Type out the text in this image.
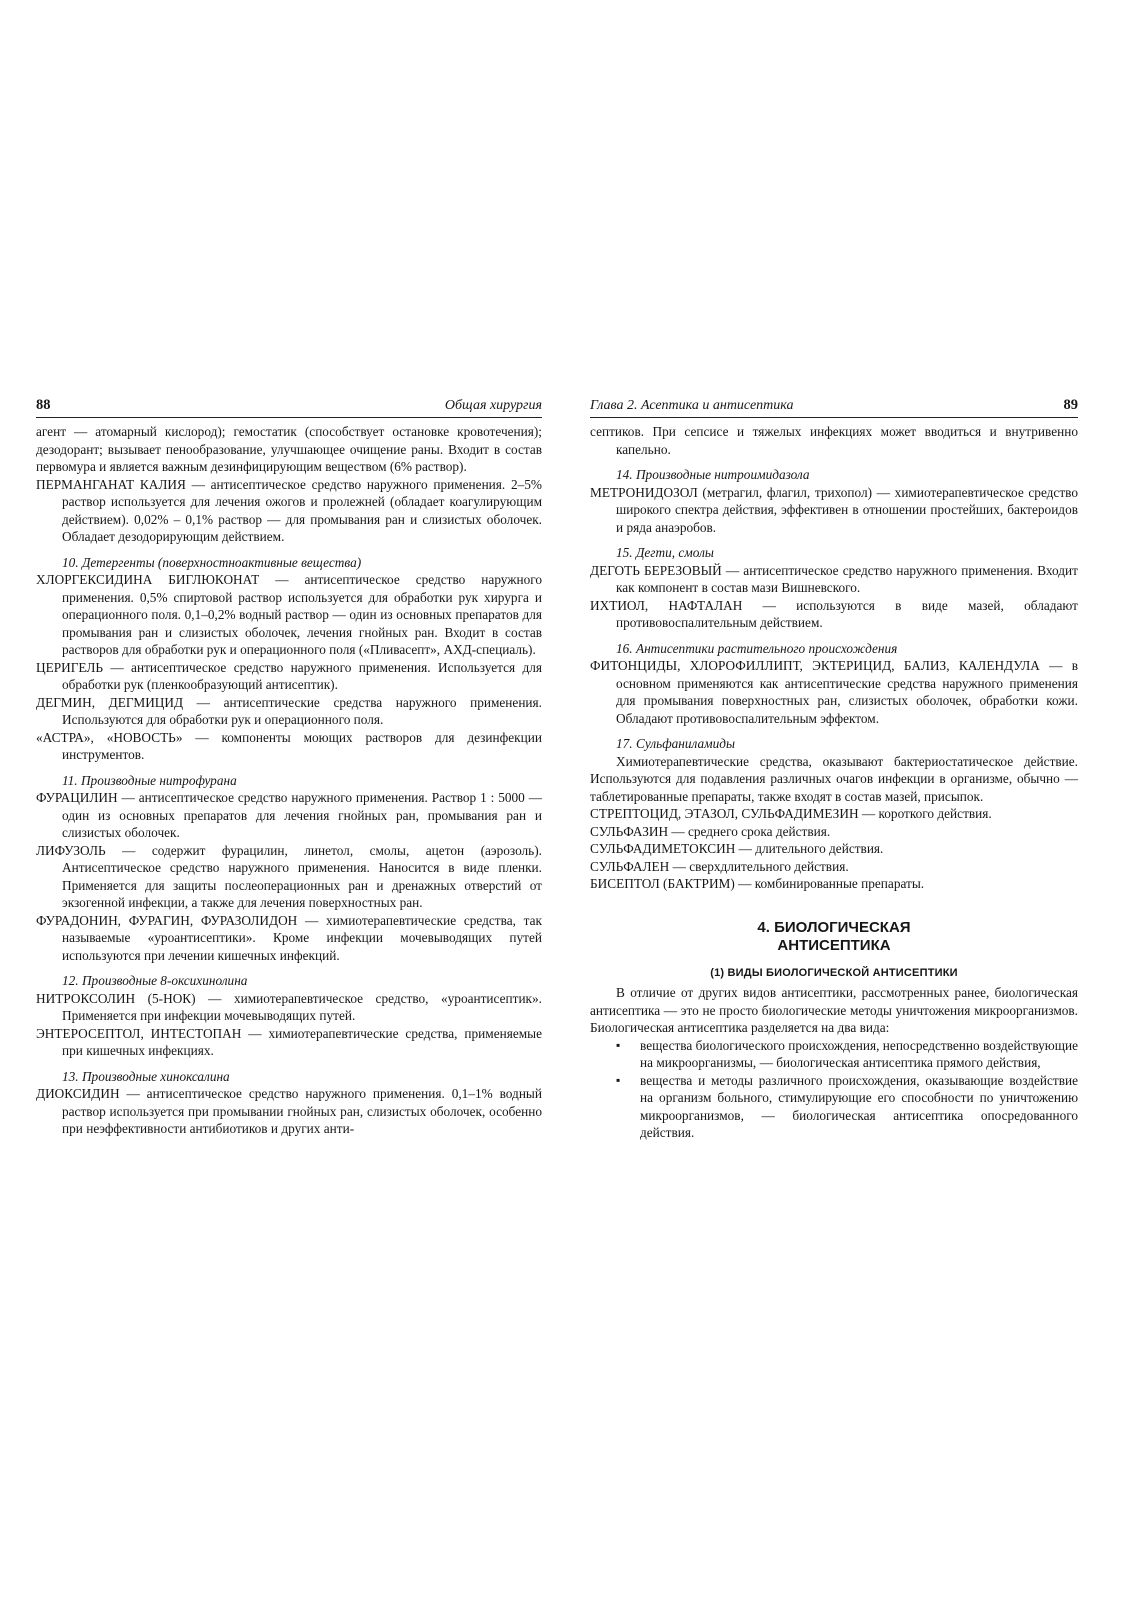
88	Общая хирургия

агент — атомарный кислород); гемостатик (способствует остановке кровотечения); дезодорант; вызывает пенообразование, улучшающее очищение раны. Входит в состав первомура и является важным дезинфицирующим веществом (6% раствор).

ПЕРМАНГАНАТ КАЛИЯ — антисептическое средство наружного применения. 2–5% раствор используется для лечения ожогов и пролежней (обладает коагулирующим действием). 0,02% – 0,1% раствор — для промывания ран и слизистых оболочек. Обладает дезодорирующим действием.

10. Детергенты (поверхностноактивные вещества)

ХЛОРГЕКСИДИНА БИГЛЮКОНАТ — антисептическое средство наружного применения. 0,5% спиртовой раствор используется для обработки рук хирурга и операционного поля. 0,1–0,2% водный раствор — один из основных препаратов для промывания ран и слизистых оболочек, лечения гнойных ран. Входит в состав растворов для обработки рук и операционного поля («Пливасепт», АХД-специаль).

ЦЕРИГЕЛЬ — антисептическое средство наружного применения. Используется для обработки рук (пленкообразующий антисептик).

ДЕГМИН, ДЕГМИЦИД — антисептические средства наружного применения. Используются для обработки рук и операционного поля.

«АСТРА», «НОВОСТЬ» — компоненты моющих растворов для дезинфекции инструментов.

11. Производные нитрофурана

ФУРАЦИЛИН — антисептическое средство наружного применения. Раствор 1 : 5000 — один из основных препаратов для лечения гнойных ран, промывания ран и слизистых оболочек.

ЛИФУЗОЛЬ — содержит фурацилин, линетол, смолы, ацетон (аэрозоль). Антисептическое средство наружного применения. Наносится в виде пленки. Применяется для защиты послеоперационных ран и дренажных отверстий от экзогенной инфекции, а также для лечения поверхностных ран.

ФУРАДОНИН, ФУРАГИН, ФУРАЗОЛИДОН — химиотерапевтические средства, так называемые «уроантисептики». Кроме инфекции мочевыводящих путей используются при лечении кишечных инфекций.

12. Производные 8-оксихинолина

НИТРОКСОЛИН (5-НОК) — химиотерапевтическое средство, «уроантисептик». Применяется при инфекции мочевыводящих путей.

ЭНТЕРОСЕПТОЛ, ИНТЕСТОПАН — химиотерапевтические средства, применяемые при кишечных инфекциях.

13. Производные хиноксалина

ДИОКСИДИН — антисептическое средство наружного применения. 0,1–1% водный раствор используется при промывании гнойных ран, слизистых оболочек, особенно при неэффективности антибиотиков и других анти-

Глава 2. Асептика и антисептика	89

септиков. При сепсисе и тяжелых инфекциях может вводиться и внутривенно капельно.

14. Производные нитроимидазола

МЕТРОНИДОЗОЛ (метрагил, флагил, трихопол) — химиотерапевтическое средство широкого спектра действия, эффективен в отношении простейших, бактероидов и ряда анаэробов.

15. Дегти, смолы

ДЕГОТЬ БЕРЕЗОВЫЙ — антисептическое средство наружного применения. Входит как компонент в состав мази Вишневского.

ИХТИОЛ, НАФТАЛАН — используются в виде мазей, обладают противовоспалительным действием.

16. Антисептики растительного происхождения

ФИТОНЦИДЫ, ХЛОРОФИЛЛИПТ, ЭКТЕРИЦИД, БАЛИЗ, КАЛЕНДУЛА — в основном применяются как антисептические средства наружного применения для промывания поверхностных ран, слизистых оболочек, обработки кожи. Обладают противовоспалительным эффектом.

17. Сульфаниламиды

Химиотерапевтические средства, оказывают бактериостатическое действие. Используются для подавления различных очагов инфекции в организме, обычно — таблетированные препараты, также входят в состав мазей, присыпок.

СТРЕПТОЦИД, ЭТАЗОЛ, СУЛЬФАДИМЕЗИН — короткого действия.

СУЛЬФАЗИН — среднего срока действия.

СУЛЬФАДИМЕТОКСИН — длительного действия.

СУЛЬФАЛЕН — сверхдлительного действия.

БИСЕПТОЛ (БАКТРИМ) — комбинированные препараты.

4. БИОЛОГИЧЕСКАЯ
АНТИСЕПТИКА

(1) ВИДЫ БИОЛОГИЧЕСКОЙ АНТИСЕПТИКИ

В отличие от других видов антисептики, рассмотренных ранее, биологическая антисептика — это не просто биологические методы уничтожения микроорганизмов. Биологическая антисептика разделяется на два вида:

▪ вещества биологического происхождения, непосредственно воздействующие на микроорганизмы, — биологическая антисептика прямого действия,
▪ вещества и методы различного происхождения, оказывающие воздействие на организм больного, стимулирующие его способности по уничтожению микроорганизмов, — биологическая антисептика опосредованного действия.
